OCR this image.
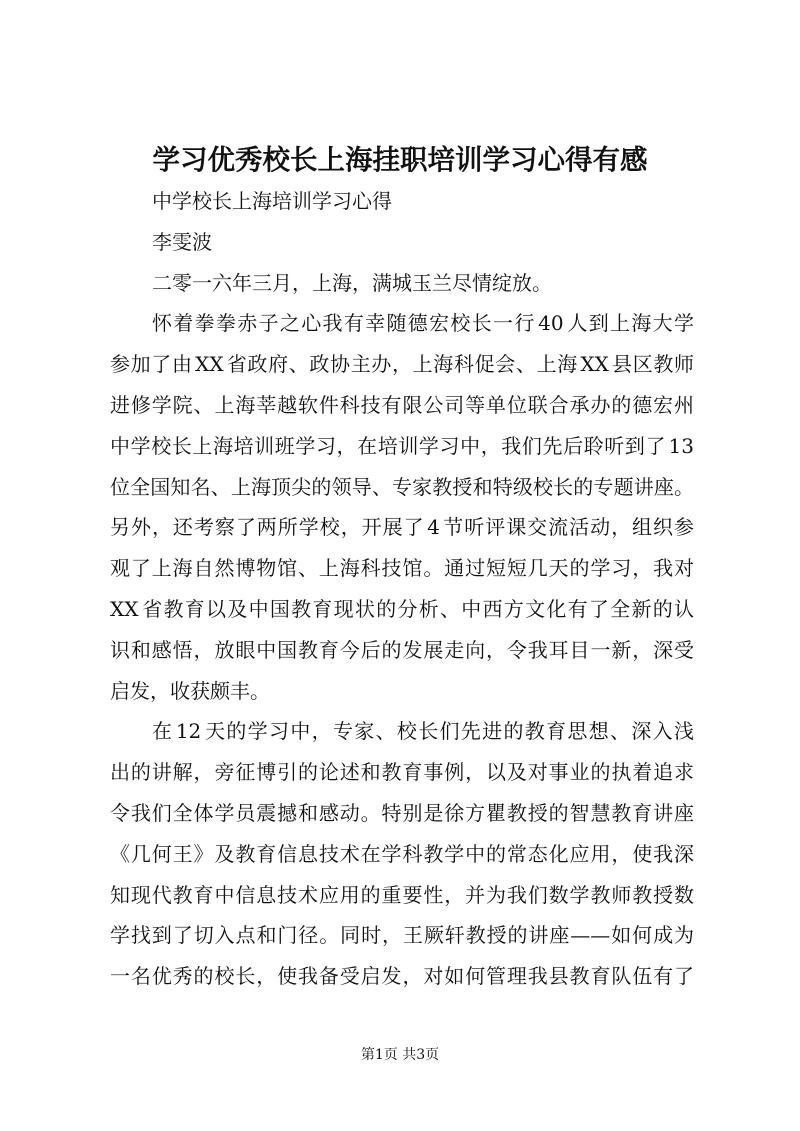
学习优秀校长上海挂职培训学习心得有感
中学校长上海培训学习心得
李雯波
二零一六年三月，上海，满城玉兰尽情绽放。
怀着拳拳赤子之心我有幸随德宏校长一行40人到上海大学
参加了由XX省政府、政协主办，上海科促会、上海XX县区教师
进修学院、上海莘越软件科技有限公司等单位联合承办的德宏州
中学校长上海培训班学习，在培训学习中，我们先后聆听到了13
位全国知名、上海顶尖的领导、专家教授和特级校长的专题讲座。
另外，还考察了两所学校，开展了4节听评课交流活动，组织参
观了上海自然博物馆、上海科技馆。通过短短几天的学习，我对
XX省教育以及中国教育现状的分析、中西方文化有了全新的认
识和感悟，放眼中国教育今后的发展走向，令我耳目一新，深受
启发，收获颇丰。
在12天的学习中，专家、校长们先进的教育思想、深入浅
出的讲解，旁征博引的论述和教育事例，以及对事业的执着追求
令我们全体学员震撼和感动。特别是徐方瞿教授的智慧教育讲座
《几何王》及教育信息技术在学科教学中的常态化应用，使我深
知现代教育中信息技术应用的重要性，并为我们数学教师教授数
学找到了切入点和门径。同时，王厥轩教授的讲座——如何成为
一名优秀的校长，使我备受启发，对如何管理我县教育队伍有了
第1页 共3页
